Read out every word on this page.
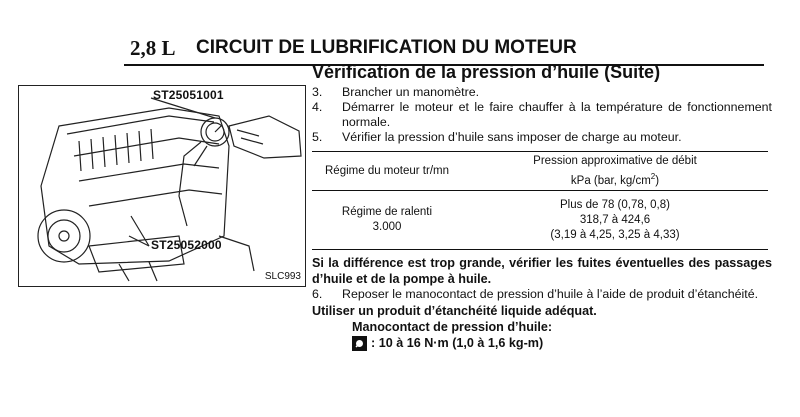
2,8 L CIRCUIT DE LUBRIFICATION DU MOTEUR
ST25051001
ST25052000
SLC993
Vérification de la pression d’huile (Suite)
3. Brancher un manomètre.
4. Démarrer le moteur et le faire chauffer à la température de fonctionnement normale.
5. Vérifier la pression d’huile sans imposer de charge au moteur.
Régime du moteur tr/mn
Pression approximative de débit
kPa (bar, $kg/cm^2$)
Régime de ralenti
3.000
Plus de 78 (0,78, 0,8)
318,7 à 424,6
(3,19 à 4,25, 3,25 à 4,33)
Si la différence est trop grande, vérifier les fuites éventuelles des passages d’huile et de la pompe à huile.
6. Reposer le manocontact de pression d’huile à l’aide de produit d’étanchéité.
Utiliser un produit d’étanchéité liquide adéquat.
Manocontact de pression d’huile:
: 10 à 16 N·m (1,0 à 1,6 kg-m)
